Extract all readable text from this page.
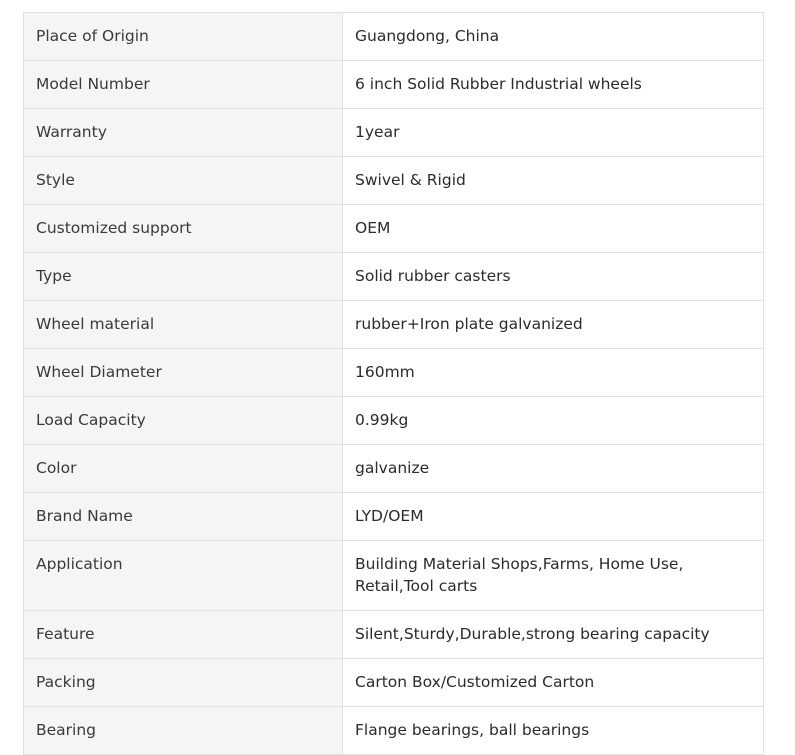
Place of Origin	Guangdong, China
Model Number	6 inch Solid Rubber Industrial wheels
Warranty	1year
Style	Swivel & Rigid
Customized support	OEM
Type	Solid rubber casters
Wheel material	rubber+Iron plate galvanized
Wheel Diameter	160mm
Load Capacity	0.99kg
Color	galvanize
Brand Name	LYD/OEM
Application	Building Material Shops,Farms, Home Use, Retail,Tool carts
Feature	Silent,Sturdy,Durable,strong bearing capacity
Packing	Carton Box/Customized Carton
Bearing	Flange bearings, ball bearings
